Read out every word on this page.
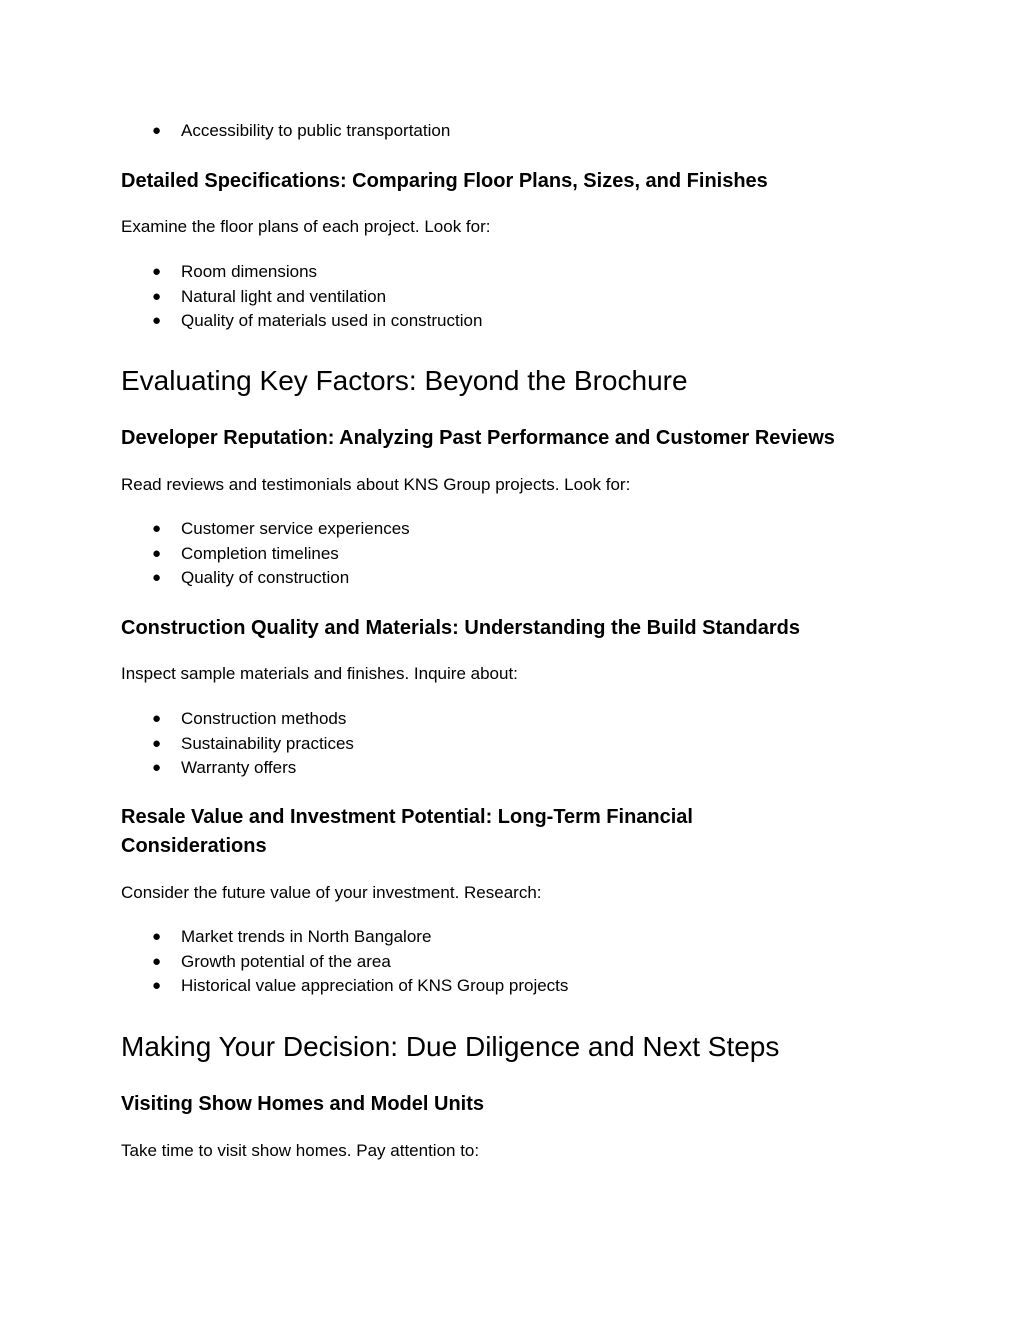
● Accessibility to public transportation
Detailed Specifications: Comparing Floor Plans, Sizes, and Finishes

Examine the floor plans of each project. Look for:

● Room dimensions
● Natural light and ventilation
● Quality of materials used in construction
Evaluating Key Factors: Beyond the Brochure
Developer Reputation: Analyzing Past Performance and Customer Reviews

Read reviews and testimonials about KNS Group projects. Look for:

● Customer service experiences
● Completion timelines
● Quality of construction
Construction Quality and Materials: Understanding the Build Standards

Inspect sample materials and finishes. Inquire about:

● Construction methods
● Sustainability practices
● Warranty offers
Resale Value and Investment Potential: Long-Term Financial
Considerations

Consider the future value of your investment. Research:

● Market trends in North Bangalore
● Growth potential of the area
● Historical value appreciation of KNS Group projects
Making Your Decision: Due Diligence and Next Steps
Visiting Show Homes and Model Units

Take time to visit show homes. Pay attention to:
